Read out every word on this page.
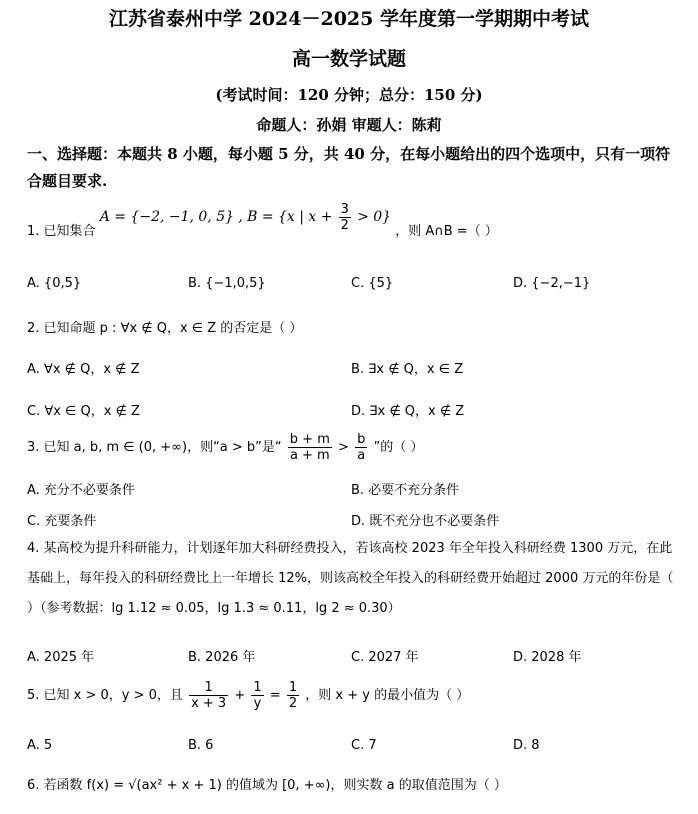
江苏省泰州中学 2024－2025 学年度第一学期期中考试
高一数学试题
(考试时间：120 分钟；总分：150 分)
命题人：孙娟 审题人：陈莉
一、选择题：本题共 8 小题，每小题 5 分，共 40 分，在每小题给出的四个选项中，只有一项符合题目要求.
1. 已知集合 A = {−2, −1, 0, 5} , B = {x | $x + \frac{3}{2} > 0$} ，则 A∩B =（ ）
A. {0,5}	B. {−1,0,5}	C. {5}	D. {−2,−1}
2. 已知命题 p : ∀x ∉ Q，x ∈ Z 的否定是（ ）
A. ∀x ∉ Q，x ∉ Z	B. ∃x ∉ Q，x ∈ Z
C. ∀x ∈ Q，x ∉ Z	D. ∃x ∉ Q，x ∉ Z
3. 已知 a, b, m ∈ (0, +∞)，则“a > b”是“ $\frac{b + m}{a + m} > \frac{b}{a}$ ”的（ ）
A. 充分不必要条件	B. 必要不充分条件
C. 充要条件	D. 既不充分也不必要条件
4. 某高校为提升科研能力，计划逐年加大科研经费投入，若该高校 2023 年全年投入科研经费 1300 万元，在此基础上，每年投入的科研经费比上一年增长 12%，则该高校全年投入的科研经费开始超过 2000 万元的年份是（ ）（参考数据：lg 1.12 ≈ 0.05，lg 1.3 ≈ 0.11，lg 2 ≈ 0.30）
A. 2025 年	B. 2026 年	C. 2027 年	D. 2028 年
5. 已知 x > 0，y > 0，且 $\frac{1}{x + 3} + \frac{1}{y} = \frac{1}{2}$ ，则 x + y 的最小值为（ ）
A. 5	B. 6	C. 7	D. 8
6. 若函数 f(x) = √(ax² + x + 1) 的值域为 [0, +∞)，则实数 a 的取值范围为（ ）
